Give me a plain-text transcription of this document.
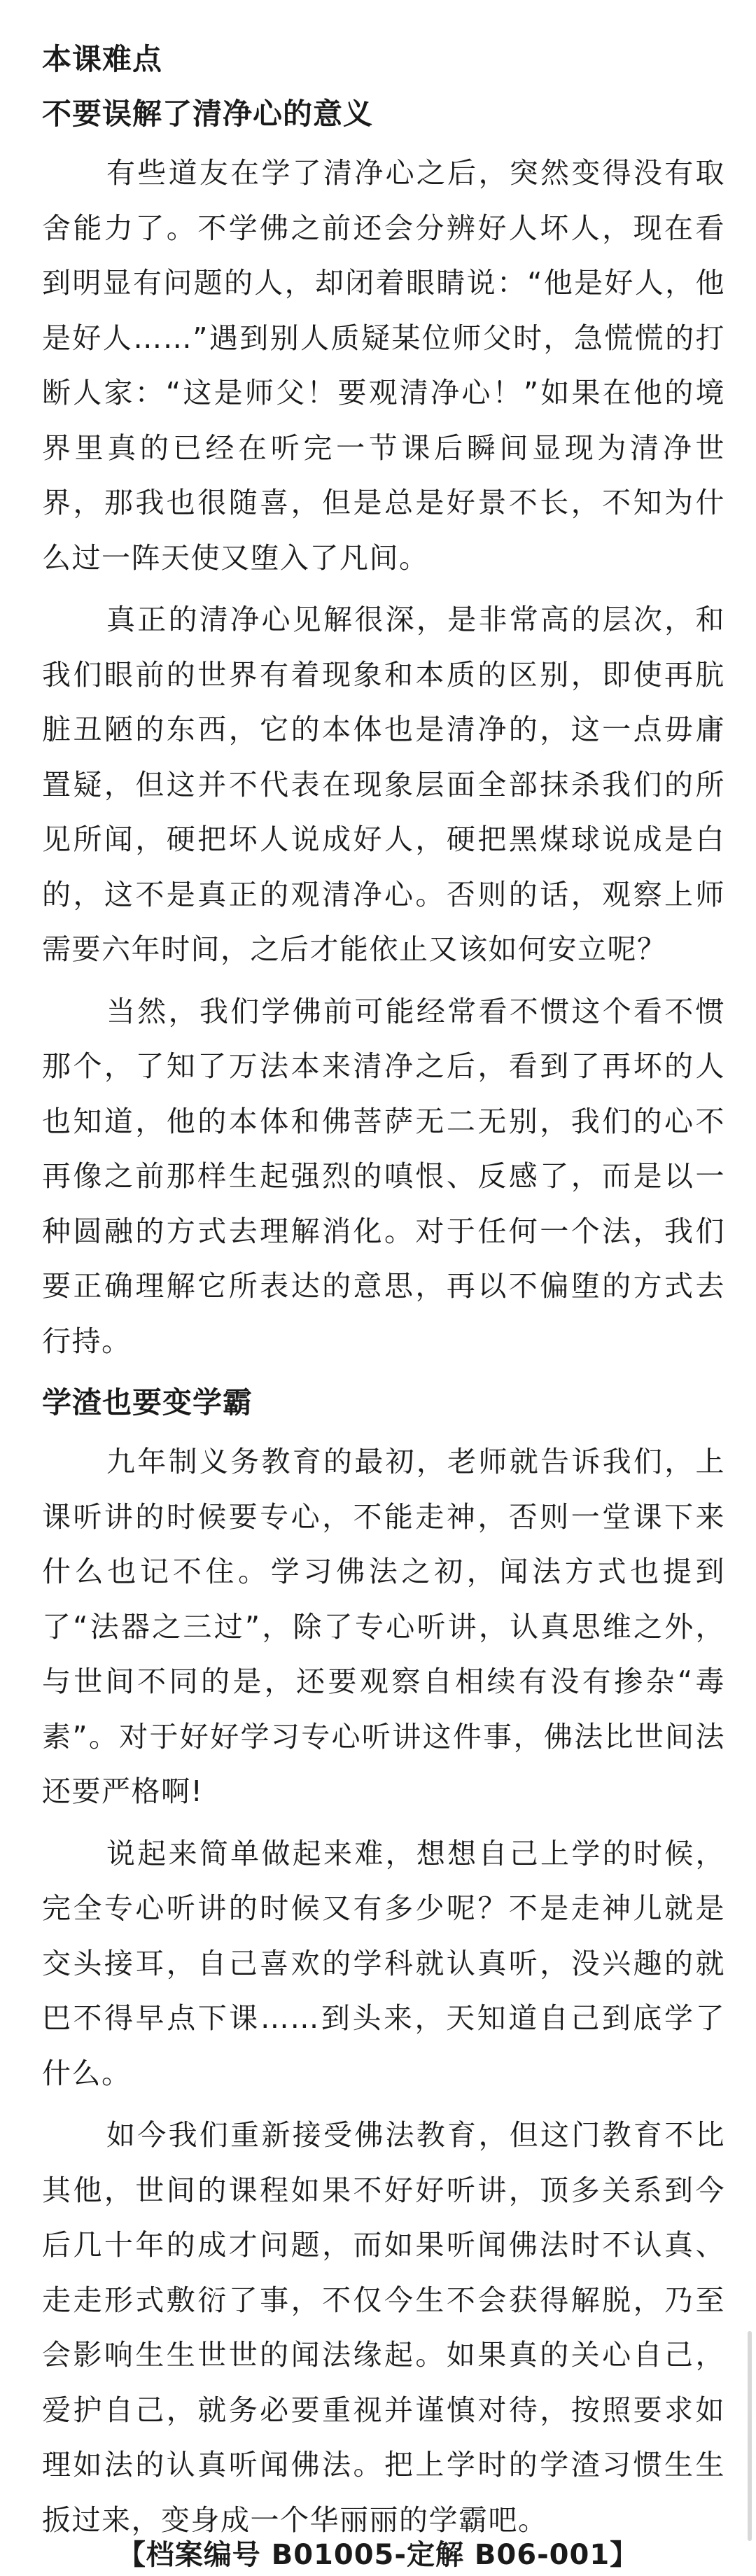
本课难点
不要误解了清净心的意义

有些道友在学了清净心之后，突然变得没有取舍能力了。不学佛之前还会分辨好人坏人，现在看到明显有问题的人，却闭着眼睛说：“他是好人，他是好人……”遇到别人质疑某位师父时，急慌慌的打断人家：“这是师父！要观清净心！”如果在他的境界里真的已经在听完一节课后瞬间显现为清净世界，那我也很随喜，但是总是好景不长，不知为什么过一阵天使又堕入了凡间。

真正的清净心见解很深，是非常高的层次，和我们眼前的世界有着现象和本质的区别，即使再肮脏丑陋的东西，它的本体也是清净的，这一点毋庸置疑，但这并不代表在现象层面全部抹杀我们的所见所闻，硬把坏人说成好人，硬把黑煤球说成是白的，这不是真正的观清净心。否则的话，观察上师需要六年时间，之后才能依止又该如何安立呢？

当然，我们学佛前可能经常看不惯这个看不惯那个，了知了万法本来清净之后，看到了再坏的人也知道，他的本体和佛菩萨无二无别，我们的心不再像之前那样生起强烈的嗔恨、反感了，而是以一种圆融的方式去理解消化。对于任何一个法，我们要正确理解它所表达的意思，再以不偏堕的方式去行持。

学渣也要变学霸

九年制义务教育的最初，老师就告诉我们，上课听讲的时候要专心，不能走神，否则一堂课下来什么也记不住。学习佛法之初，闻法方式也提到了“法器之三过”，除了专心听讲，认真思维之外，与世间不同的是，还要观察自相续有没有掺杂“毒素”。对于好好学习专心听讲这件事，佛法比世间法还要严格啊!

说起来简单做起来难，想想自己上学的时候，完全专心听讲的时候又有多少呢？不是走神儿就是交头接耳，自己喜欢的学科就认真听，没兴趣的就巴不得早点下课……到头来，天知道自己到底学了什么。

如今我们重新接受佛法教育，但这门教育不比其他，世间的课程如果不好好听讲，顶多关系到今后几十年的成才问题，而如果听闻佛法时不认真、走走形式敷衍了事，不仅今生不会获得解脱，乃至会影响生生世世的闻法缘起。如果真的关心自己，爱护自己，就务必要重视并谨慎对待，按照要求如理如法的认真听闻佛法。把上学时的学渣习惯生生扳过来，变身成一个华丽丽的学霸吧。

【档案编号 B01005-定解 B06-001】
